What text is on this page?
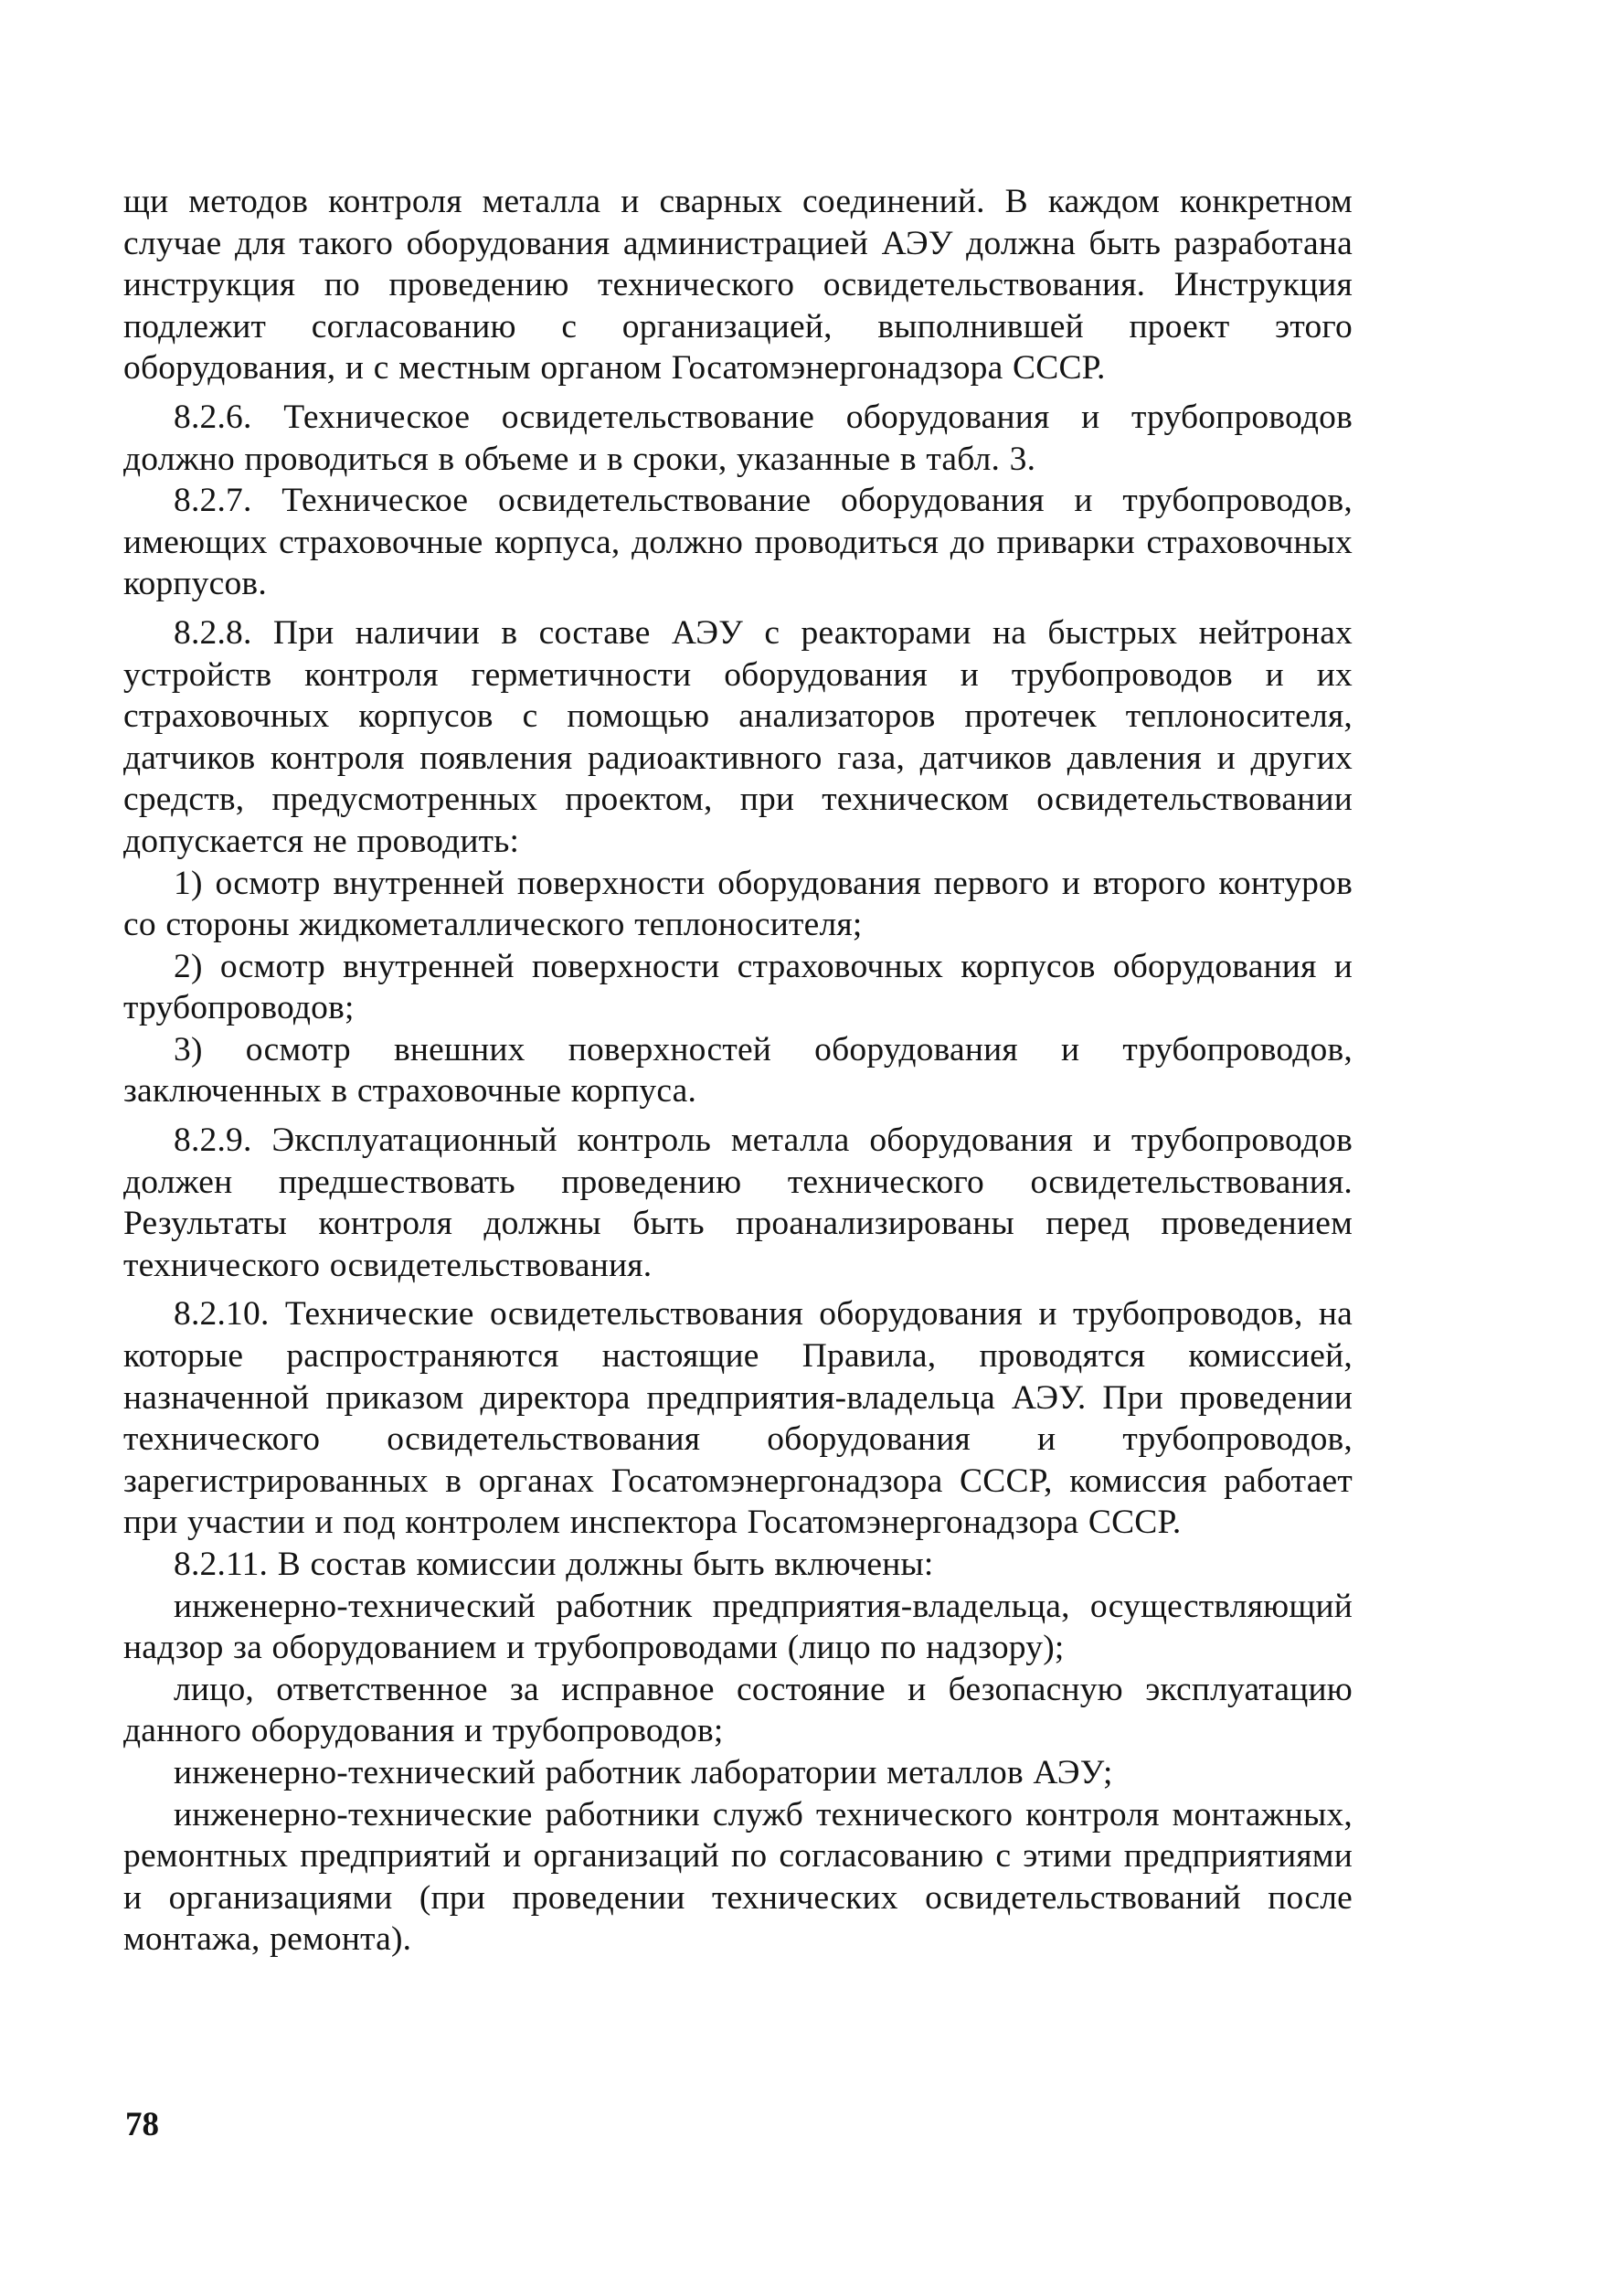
щи методов контроля металла и сварных соединений. В каждом конкретном случае для такого оборудования администрацией АЭУ должна быть разработана инструкция по проведению технического освидетельствования. Инструкция подлежит согласованию с организацией, выполнившей проект этого оборудования, и с местным органом Госатомэнергонадзора СССР.

8.2.6. Техническое освидетельствование оборудования и трубопроводов должно проводиться в объеме и в сроки, указанные в табл. 3.

8.2.7. Техническое освидетельствование оборудования и трубопроводов, имеющих страховочные корпуса, должно проводиться до приварки страховочных корпусов.

8.2.8. При наличии в составе АЭУ с реакторами на быстрых нейтронах устройств контроля герметичности оборудования и трубопроводов и их страховочных корпусов с помощью анализаторов протечек теплоносителя, датчиков контроля появления радиоактивного газа, датчиков давления и других средств, предусмотренных проектом, при техническом освидетельствовании допускается не проводить:

1) осмотр внутренней поверхности оборудования первого и второго контуров со стороны жидкометаллического теплоносителя;

2) осмотр внутренней поверхности страховочных корпусов оборудования и трубопроводов;

3) осмотр внешних поверхностей оборудования и трубопроводов, заключенных в страховочные корпуса.

8.2.9. Эксплуатационный контроль металла оборудования и трубопроводов должен предшествовать проведению технического освидетельствования. Результаты контроля должны быть проанализированы перед проведением технического освидетельствования.

8.2.10. Технические освидетельствования оборудования и трубопроводов, на которые распространяются настоящие Правила, проводятся комиссией, назначенной приказом директора предприятия-владельца АЭУ. При проведении технического освидетельствования оборудования и трубопроводов, зарегистрированных в органах Госатомэнергонадзора СССР, комиссия работает при участии и под контролем инспектора Госатомэнергонадзора СССР.

8.2.11. В состав комиссии должны быть включены:

инженерно-технический работник предприятия-владельца, осуществляющий надзор за оборудованием и трубопроводами (лицо по надзору);

лицо, ответственное за исправное состояние и безопасную эксплуатацию данного оборудования и трубопроводов;

инженерно-технический работник лаборатории металлов АЭУ;

инженерно-технические работники служб технического контроля монтажных, ремонтных предприятий и организаций по согласованию с этими предприятиями и организациями (при проведении технических освидетельствований после монтажа, ремонта).

78
